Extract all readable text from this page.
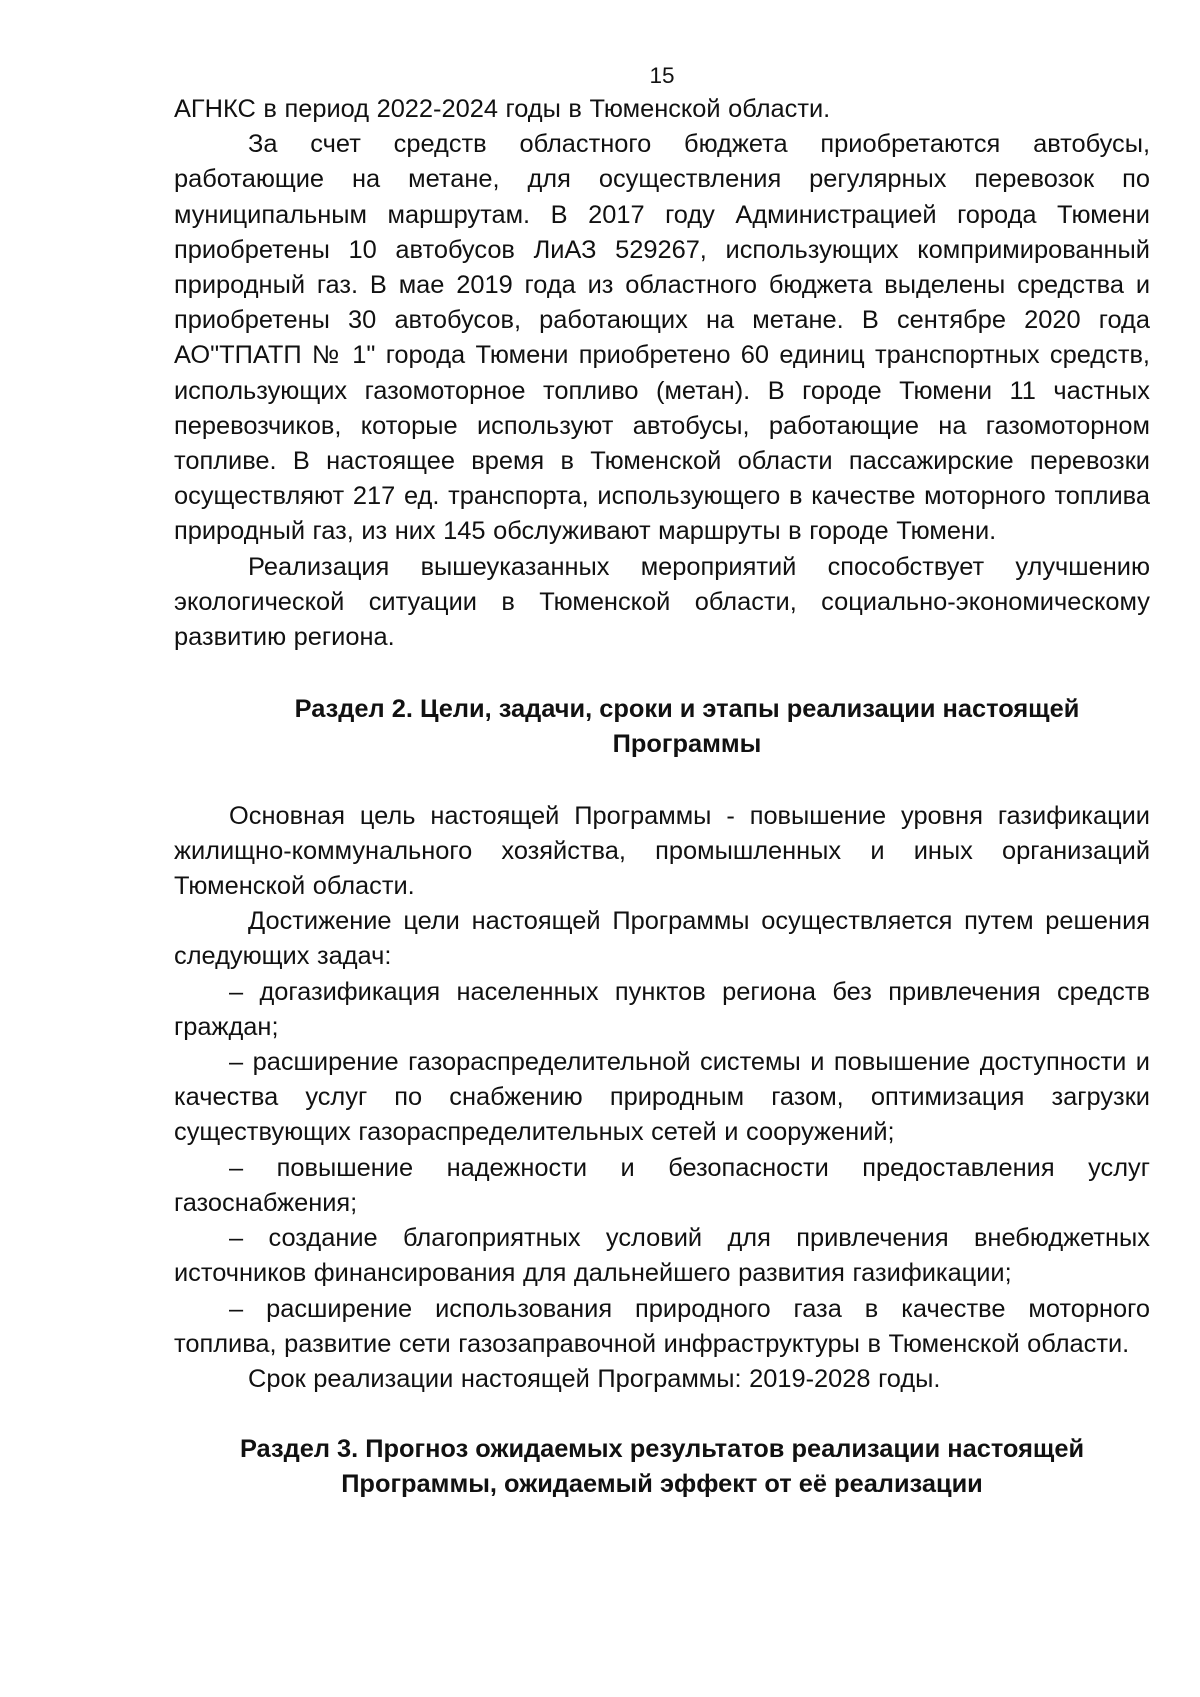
15

АГНКС в период 2022-2024 годы в Тюменской области.

За счет средств областного бюджета приобретаются автобусы, работающие на метане, для осуществления регулярных перевозок по муниципальным маршрутам. В 2017 году Администрацией города Тюмени приобретены 10 автобусов ЛиАЗ 529267, использующих компримированный природный газ. В мае 2019 года из областного бюджета выделены средства и приобретены 30 автобусов, работающих на метане. В сентябре 2020 года АО"ТПАТП № 1" города Тюмени приобретено 60 единиц транспортных средств, использующих газомоторное топливо (метан). В городе Тюмени 11 частных перевозчиков, которые используют автобусы, работающие на газомоторном топливе. В настоящее время в Тюменской области пассажирские перевозки осуществляют 217 ед. транспорта, использующего в качестве моторного топлива природный газ, из них 145 обслуживают маршруты в городе Тюмени.

Реализация вышеуказанных мероприятий способствует улучшению экологической ситуации в Тюменской области, социально-экономическому развитию региона.

Раздел 2. Цели, задачи, сроки и этапы реализации настоящей
Программы

Основная цель настоящей Программы - повышение уровня газификации жилищно-коммунального хозяйства, промышленных и иных организаций Тюменской области.

Достижение цели настоящей Программы осуществляется путем решения следующих задач:

– догазификация населенных пунктов региона без привлечения средств граждан;

– расширение газораспределительной системы и повышение доступности и качества услуг по снабжению природным газом, оптимизация загрузки существующих газораспределительных сетей и сооружений;

– повышение надежности и безопасности предоставления услуг газоснабжения;

– создание благоприятных условий для привлечения внебюджетных источников финансирования для дальнейшего развития газификации;

– расширение использования природного газа в качестве моторного топлива, развитие сети газозаправочной инфраструктуры в Тюменской области.

Срок реализации настоящей Программы: 2019-2028 годы.

Раздел 3. Прогноз ожидаемых результатов реализации настоящей
Программы, ожидаемый эффект от её реализации
